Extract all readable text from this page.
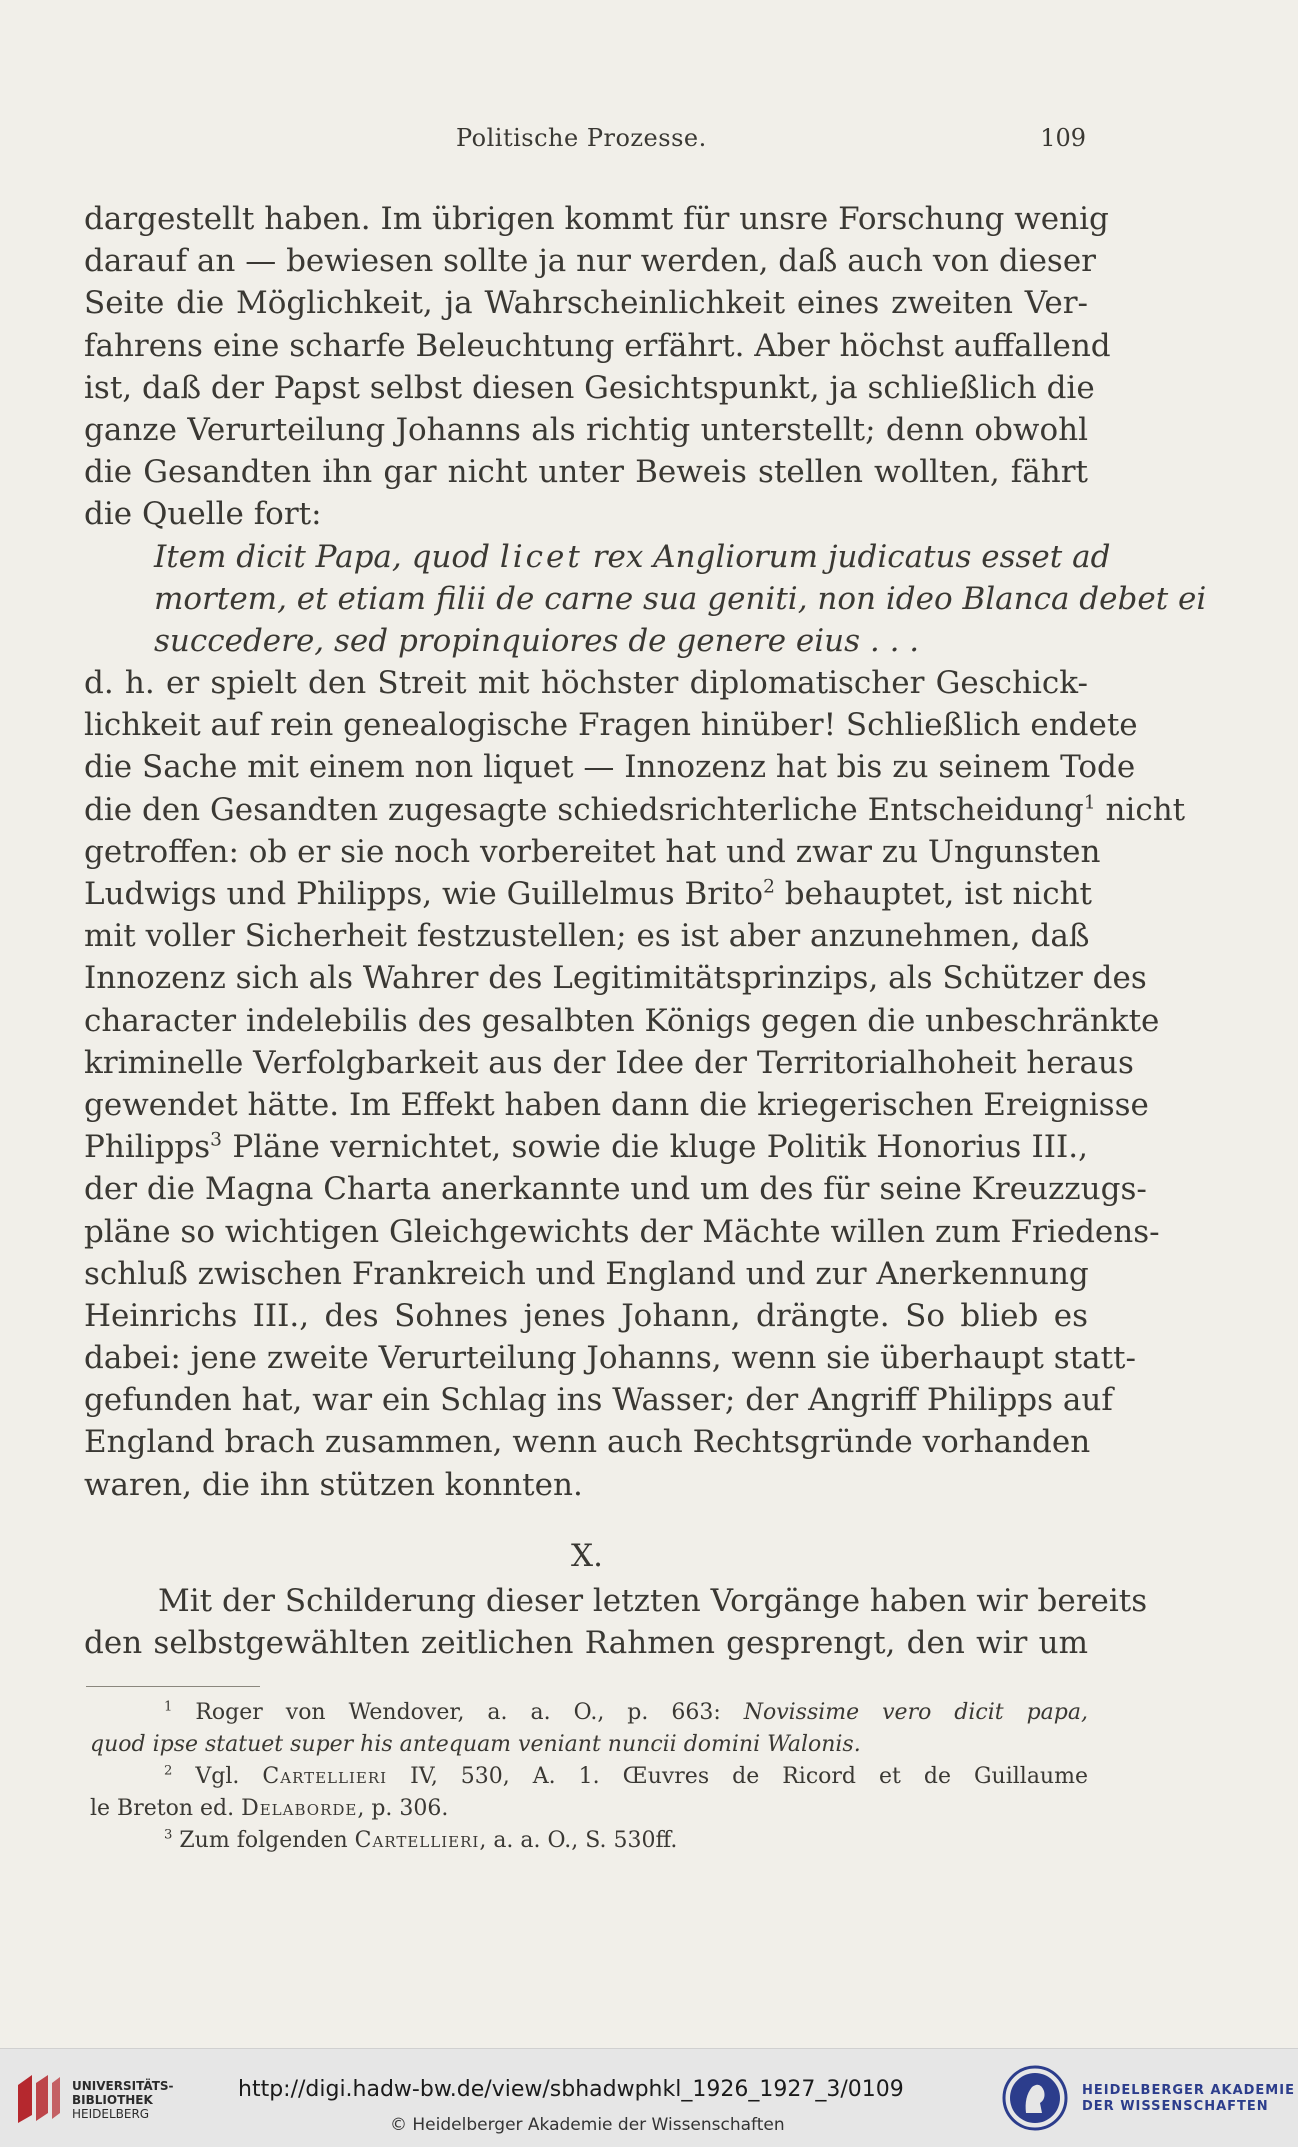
Politische Prozesse.	109
dargestellt haben. Im übrigen kommt für unsre Forschung wenig
darauf an — bewiesen sollte ja nur werden, daß auch von dieser
Seite die Möglichkeit, ja Wahrscheinlichkeit eines zweiten Ver-
fahrens eine scharfe Beleuchtung erfährt. Aber höchst auffallend
ist, daß der Papst selbst diesen Gesichtspunkt, ja schließlich die
ganze Verurteilung Johanns als richtig unterstellt; denn obwohl
die Gesandten ihn gar nicht unter Beweis stellen wollten, fährt
die Quelle fort:
Item dicit Papa, quod licet rex Angliorum judicatus esset ad
mortem, et etiam filii de carne sua geniti, non ideo Blanca debet ei
succedere, sed propinquiores de genere eius . . .
d. h. er spielt den Streit mit höchster diplomatischer Geschick-
lichkeit auf rein genealogische Fragen hinüber! Schließlich endete
die Sache mit einem non liquet — Innozenz hat bis zu seinem Tode
die den Gesandten zugesagte schiedsrichterliche Entscheidung$^1$ nicht
getroffen: ob er sie noch vorbereitet hat und zwar zu Ungunsten
Ludwigs und Philipps, wie Guillelmus Brito$^2$ behauptet, ist nicht
mit voller Sicherheit festzustellen; es ist aber anzunehmen, daß
Innozenz sich als Wahrer des Legitimitätsprinzips, als Schützer des
character indelebilis des gesalbten Königs gegen die unbeschränkte
kriminelle Verfolgbarkeit aus der Idee der Territorialhoheit heraus
gewendet hätte. Im Effekt haben dann die kriegerischen Ereignisse
Philipps$^3$ Pläne vernichtet, sowie die kluge Politik Honorius III.,
der die Magna Charta anerkannte und um des für seine Kreuzzugs-
pläne so wichtigen Gleichgewichts der Mächte willen zum Friedens-
schluß zwischen Frankreich und England und zur Anerkennung
Heinrichs III., des Sohnes jenes Johann, drängte. So blieb es
dabei: jene zweite Verurteilung Johanns, wenn sie überhaupt statt-
gefunden hat, war ein Schlag ins Wasser; der Angriff Philipps auf
England brach zusammen, wenn auch Rechtsgründe vorhanden
waren, die ihn stützen konnten.
X.
Mit der Schilderung dieser letzten Vorgänge haben wir bereits
den selbstgewählten zeitlichen Rahmen gesprengt, den wir um
$^1$ Roger von Wendover, a. a. O., p. 663: Novissime vero dicit papa,
quod ipse statuet super his antequam veniant nuncii domini Walonis.
$^2$ Vgl. Cartellieri IV, 530, A. 1. Œuvres de Ricord et de Guillaume
le Breton ed. Delaborde, p. 306.
$^3$ Zum folgenden Cartellieri, a. a. O., S. 530ff.
UNIVERSITÄTS-
BIBLIOTHEK
HEIDELBERG
http://digi.hadw-bw.de/view/sbhadwphkl_1926_1927_3/0109
© Heidelberger Akademie der Wissenschaften
HEIDELBERGER AKADEMIE
DER WISSENSCHAFTEN
